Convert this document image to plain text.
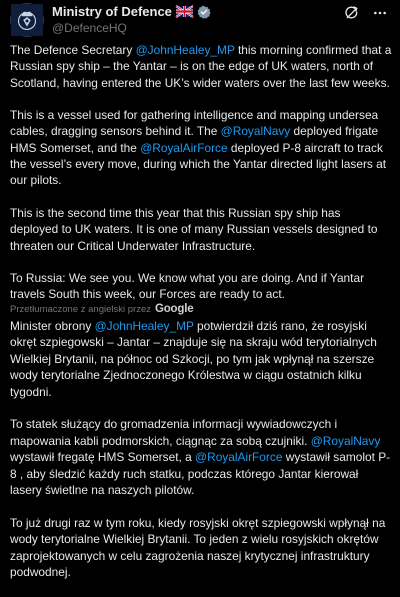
Ministry of Defence
@DefenceHQ

The Defence Secretary @JohnHealey_MP this morning confirmed that a Russian spy ship – the Yantar – is on the edge of UK waters, north of Scotland, having entered the UK’s wider waters over the last few weeks.

This is a vessel used for gathering intelligence and mapping undersea cables, dragging sensors behind it. The @RoyalNavy deployed frigate HMS Somerset, and the @RoyalAirForce deployed P-8 aircraft to track the vessel’s every move, during which the Yantar directed light lasers at our pilots.

This is the second time this year that this Russian spy ship has deployed to UK waters. It is one of many Russian vessels designed to threaten our Critical Underwater Infrastructure.

To Russia: We see you. We know what you are doing. And if Yantar travels South this week, our Forces are ready to act.

Przetłumaczone z angielski przez Google

Minister obrony @JohnHealey_MP potwierdził dziś rano, że rosyjski okręt szpiegowski – Jantar – znajduje się na skraju wód terytorialnych Wielkiej Brytanii, na północ od Szkocji, po tym jak wpłynął na szersze wody terytorialne Zjednoczonego Królestwa w ciągu ostatnich kilku tygodni.

To statek służący do gromadzenia informacji wywiadowczych i mapowania kabli podmorskich, ciągnąc za sobą czujniki. @RoyalNavy wystawił fregatę HMS Somerset, a @RoyalAirForce wystawił samolot P-8 , aby śledzić każdy ruch statku, podczas którego Jantar kierował lasery świetlne na naszych pilotów.

To już drugi raz w tym roku, kiedy rosyjski okręt szpiegowski wpłynął na wody terytorialne Wielkiej Brytanii. To jeden z wielu rosyjskich okrętów zaprojektowanych w celu zagrożenia naszej krytycznej infrastruktury podwodnej.
